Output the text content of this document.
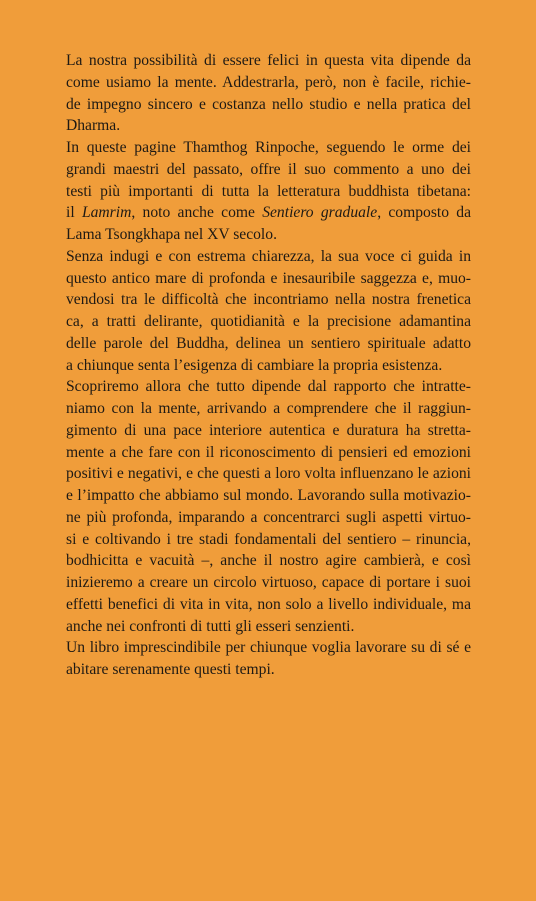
La nostra possibilità di essere felici in questa vita dipende da
come usiamo la mente. Addestrarla, però, non è facile, richie-
de impegno sincero e costanza nello studio e nella pratica del
Dharma.
In queste pagine Thamthog Rinpoche, seguendo le orme dei
grandi maestri del passato, offre il suo commento a uno dei
testi più importanti di tutta la letteratura buddhista tibetana:
il Lamrim, noto anche come Sentiero graduale, composto da
Lama Tsongkhapa nel XV secolo.
Senza indugi e con estrema chiarezza, la sua voce ci guida in
questo antico mare di profonda e inesauribile saggezza e, muo-
vendosi tra le difficoltà che incontriamo nella nostra frenetica
ca, a tratti delirante, quotidianità e la precisione adamantina
delle parole del Buddha, delinea un sentiero spirituale adatto
a chiunque senta l’esigenza di cambiare la propria esistenza.
Scopriremo allora che tutto dipende dal rapporto che intratte-
niamo con la mente, arrivando a comprendere che il raggiun-
gimento di una pace interiore autentica e duratura ha stretta-
mente a che fare con il riconoscimento di pensieri ed emozioni
positivi e negativi, e che questi a loro volta influenzano le azioni
e l’impatto che abbiamo sul mondo. Lavorando sulla motivazio-
ne più profonda, imparando a concentrarci sugli aspetti virtuo-
si e coltivando i tre stadi fondamentali del sentiero – rinuncia,
bodhicitta e vacuità –, anche il nostro agire cambierà, e così
inizieremo a creare un circolo virtuoso, capace di portare i suoi
effetti benefici di vita in vita, non solo a livello individuale, ma
anche nei confronti di tutti gli esseri senzienti.
Un libro imprescindibile per chiunque voglia lavorare su di sé e
abitare serenamente questi tempi.
